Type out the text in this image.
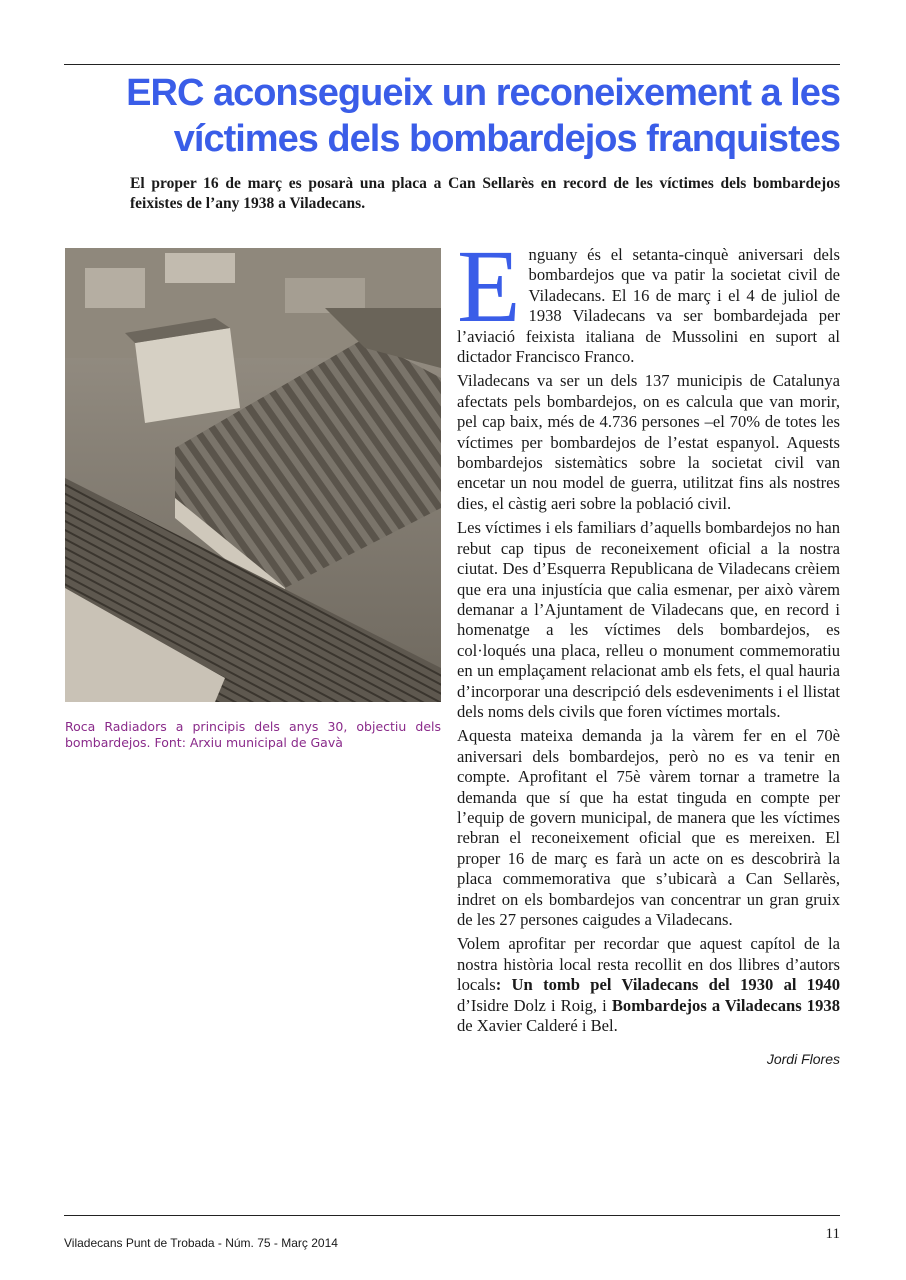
ERC aconsegueix un reconeixement a les víctimes dels bombardejos franquistes

El proper 16 de març es posarà una placa a Can Sellarès en record de les víctimes dels bombardejos feixistes de l’any 1938 a Viladecans.

Roca Radiadors a principis dels anys 30, objectiu dels bombardejos. Font: Arxiu municipal de Gavà

Enguany és el setanta-cinquè aniversari dels bombardejos que va patir la societat civil de Viladecans. El 16 de març i el 4 de juliol de 1938 Viladecans va ser bombardejada per l’aviació feixista italiana de Mussolini en suport al dictador Francisco Franco.

Viladecans va ser un dels 137 municipis de Catalunya afectats pels bombardejos, on es calcula que van morir, pel cap baix, més de 4.736 persones –el 70% de totes les víctimes per bombardejos de l’estat espanyol. Aquests bombardejos sistemàtics sobre la societat civil van encetar un nou model de guerra, utilitzat fins als nostres dies, el càstig aeri sobre la població civil.

Les víctimes i els familiars d’aquells bombardejos no han rebut cap tipus de reconeixement oficial a la nostra ciutat. Des d’Esquerra Republicana de Viladecans crèiem que era una injustícia que calia esmenar, per això vàrem demanar a l’Ajuntament de Viladecans que, en record i homenatge a les víctimes dels bombardejos, es col·loqués una placa, relleu o monument commemoratiu en un emplaçament relacionat amb els fets, el qual hauria d’incorporar una descripció dels esdeveniments i el llistat dels noms dels civils que foren víctimes mortals.

Aquesta mateixa demanda ja la vàrem fer en el 70è aniversari dels bombardejos, però no es va tenir en compte. Aprofitant el 75è vàrem tornar a trametre la demanda que sí que ha estat tinguda en compte per l’equip de govern municipal, de manera que les víctimes rebran el reconeixement oficial que es mereixen. El proper 16 de març es farà un acte on es descobrirà la placa commemorativa que s’ubicarà a Can Sellarès, indret on els bombardejos van concentrar un gran gruix de les 27 persones caigudes a Viladecans.

Volem aprofitar per recordar que aquest capítol de la nostra història local resta recollit en dos llibres d’autors locals: Un tomb pel Viladecans del 1930 al 1940 d’Isidre Dolz i Roig, i Bombardejos a Viladecans 1938 de Xavier Calderé i Bel.

Jordi Flores

Viladecans Punt de Trobada - Núm. 75 - Març 2014

11
